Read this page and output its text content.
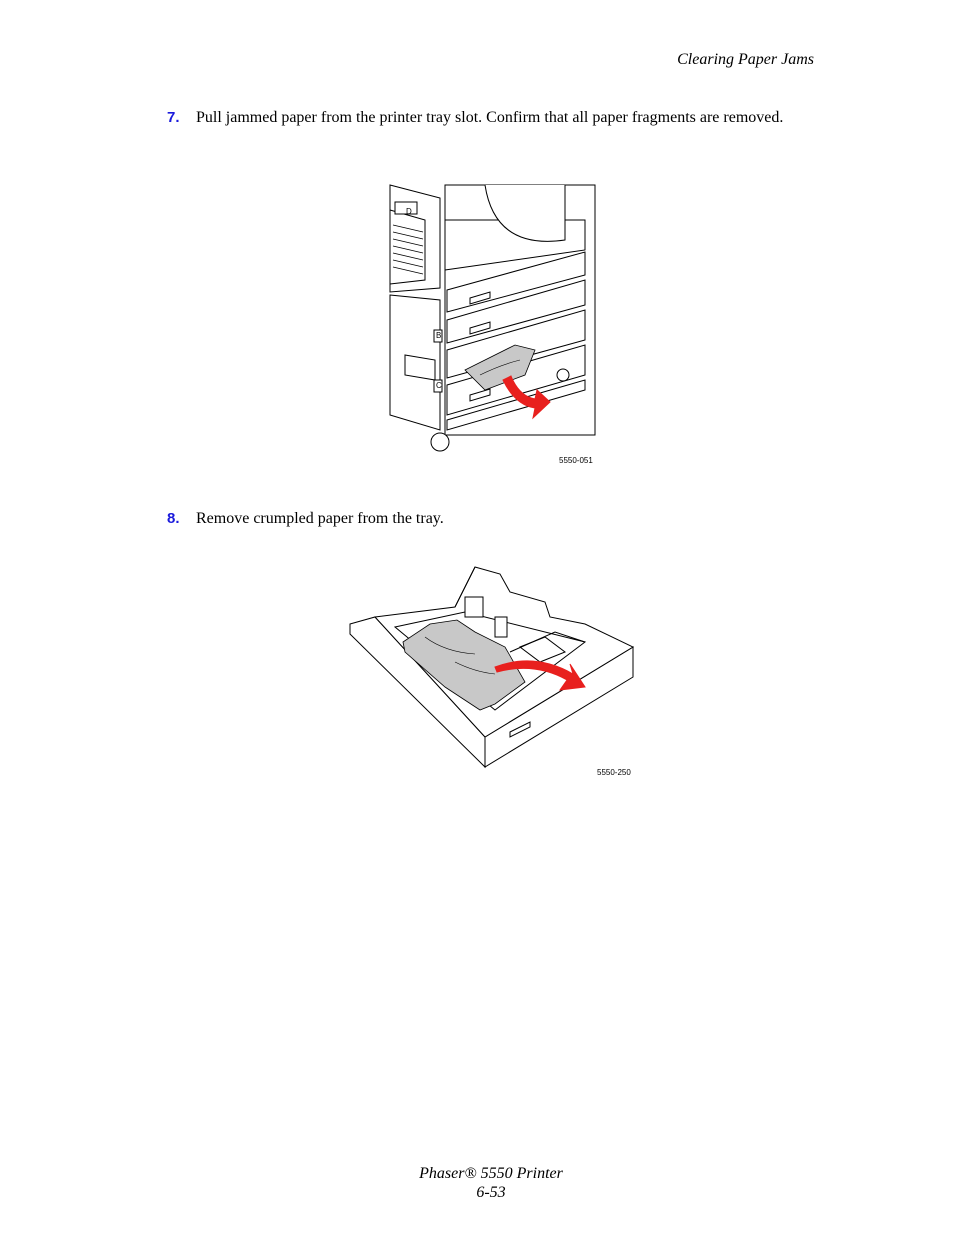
Clearing Paper Jams
7. Pull jammed paper from the printer tray slot. Confirm that all paper fragments are removed.
D
B
C
5550-051
8. Remove crumpled paper from the tray.
5550-250
Phaser® 5550 Printer
6-53
